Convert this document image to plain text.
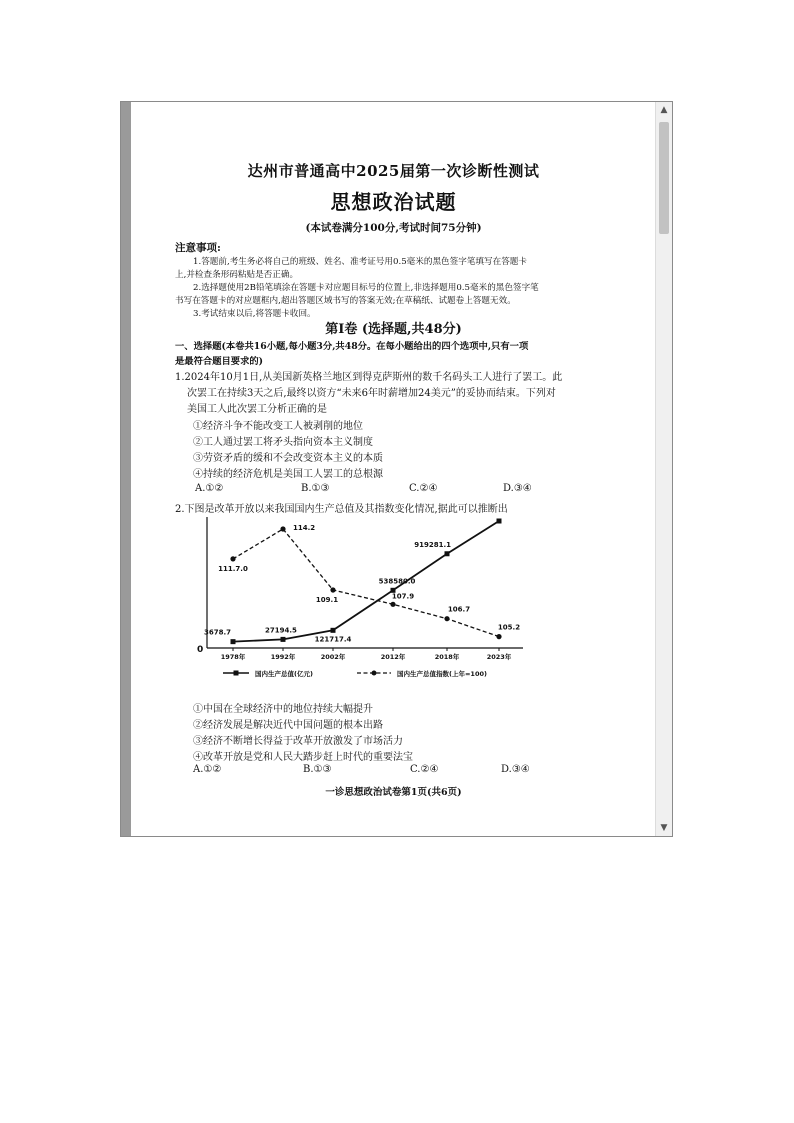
达州市普通高中2025届第一次诊断性测试
思想政治试题
(本试卷满分100分,考试时间75分钟)
注意事项:
1.答题前,考生务必将自己的班级、姓名、准考证号用0.5毫米的黑色签字笔填写在答题卡
上,并检查条形码粘贴是否正确。
2.选择题使用2B铅笔填涂在答题卡对应题目标号的位置上,非选择题用0.5毫米的黑色签字笔
书写在答题卡的对应题框内,超出答题区域书写的答案无效;在草稿纸、试题卷上答题无效。
3.考试结束以后,将答题卡收回。
第Ⅰ卷 (选择题,共48分)
一、选择题(本卷共16小题,每小题3分,共48分。在每小题给出的四个选项中,只有一项
是最符合题目要求的)
1.2024年10月1日,从美国新英格兰地区到得克萨斯州的数千名码头工人进行了罢工。此
次罢工在持续3天之后,最终以资方“未来6年时薪增加24美元”的妥协而结束。下列对
美国工人此次罢工分析正确的是
①经济斗争不能改变工人被剥削的地位
②工人通过罢工将矛头指向资本主义制度
③劳资矛盾的缓和不会改变资本主义的本质
④持续的经济危机是美国工人罢工的总根源
A.①②	B.①③	C.②④	D.③④
2.下图是改革开放以来我国国内生产总值及其指数变化情况,据此可以推断出
0
1978年	1992年	2002年	2012年	2018年	2023年
3678.7	27194.5
121717.4
538580.0
919281.1
111.7.0
114.2
109.1	107.9
106.7
105.2
国内生产总值(亿元)	国内生产总值指数(上年=100)
①中国在全球经济中的地位持续大幅提升
②经济发展是解决近代中国问题的根本出路
③经济不断增长得益于改革开放激发了市场活力
④改革开放是党和人民大踏步赶上时代的重要法宝
A.①②	B.①③	C.②④	D.③④
一诊思想政治试卷第1页(共6页)
▲
▼
